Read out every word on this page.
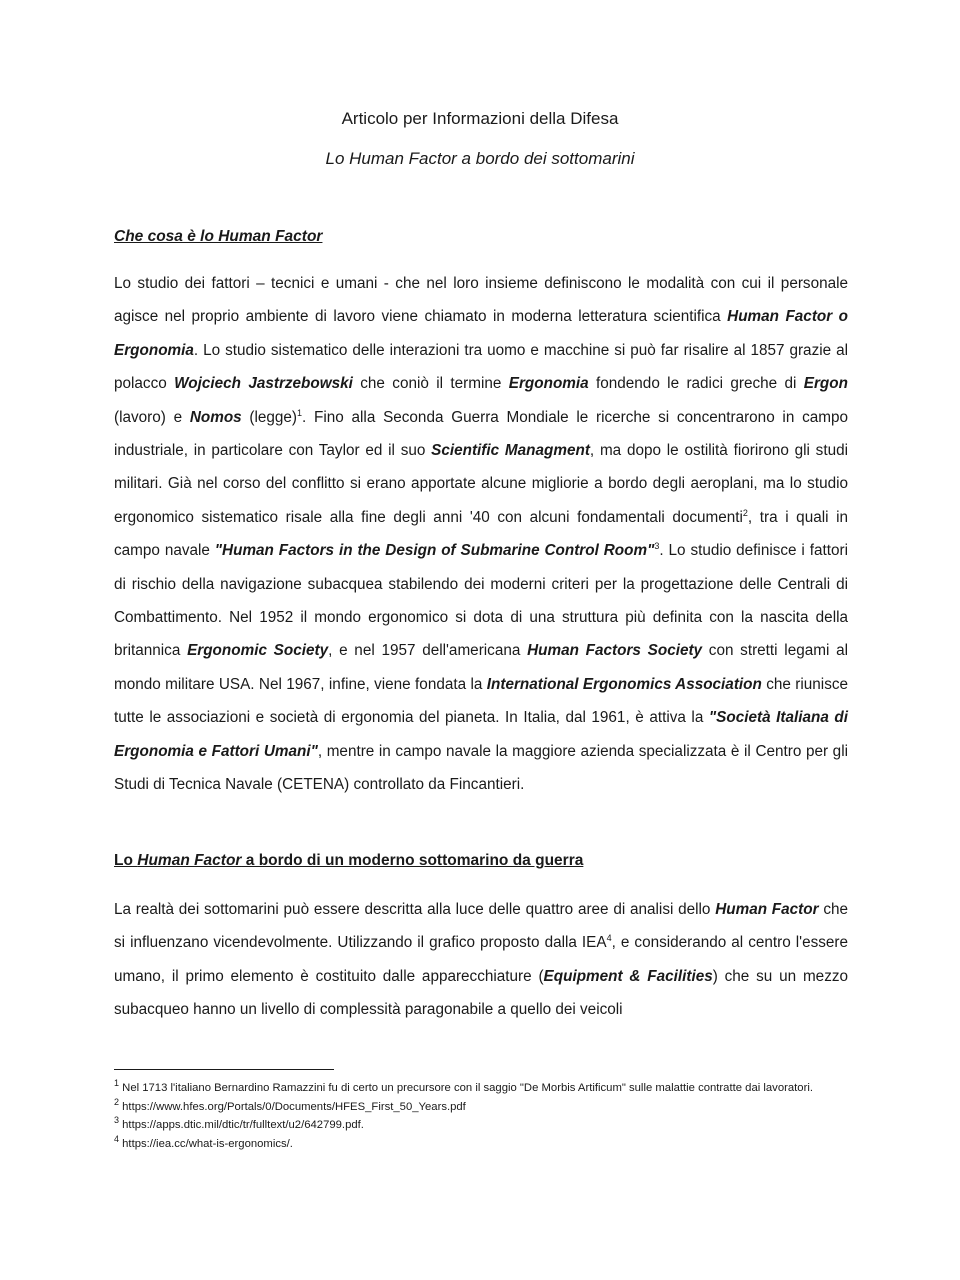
Articolo per Informazioni della Difesa
Lo Human Factor a bordo dei sottomarini
Che cosa è lo Human Factor
Lo studio dei fattori – tecnici e umani - che nel loro insieme definiscono le modalità con cui il personale agisce nel proprio ambiente di lavoro viene chiamato in moderna letteratura scientifica Human Factor o Ergonomia. Lo studio sistematico delle interazioni tra uomo e macchine si può far risalire al 1857 grazie al polacco Wojciech Jastrzebowski che coniò il termine Ergonomia fondendo le radici greche di Ergon (lavoro) e Nomos (legge)$^1$. Fino alla Seconda Guerra Mondiale le ricerche si concentrarono in campo industriale, in particolare con Taylor ed il suo Scientific Managment, ma dopo le ostilità fiorirono gli studi militari. Già nel corso del conflitto si erano apportate alcune migliorie a bordo degli aeroplani, ma lo studio ergonomico sistematico risale alla fine degli anni '40 con alcuni fondamentali documenti$^2$, tra i quali in campo navale "Human Factors in the Design of Submarine Control Room"$^3$. Lo studio definisce i fattori di rischio della navigazione subacquea stabilendo dei moderni criteri per la progettazione delle Centrali di Combattimento. Nel 1952 il mondo ergonomico si dota di una struttura più definita con la nascita della britannica Ergonomic Society, e nel 1957 dell'americana Human Factors Society con stretti legami al mondo militare USA. Nel 1967, infine, viene fondata la International Ergonomics Association che riunisce tutte le associazioni e società di ergonomia del pianeta. In Italia, dal 1961, è attiva la "Società Italiana di Ergonomia e Fattori Umani", mentre in campo navale la maggiore azienda specializzata è il Centro per gli Studi di Tecnica Navale (CETENA) controllato da Fincantieri.
Lo Human Factor a bordo di un moderno sottomarino da guerra
La realtà dei sottomarini può essere descritta alla luce delle quattro aree di analisi dello Human Factor che si influenzano vicendevolmente. Utilizzando il grafico proposto dalla IEA$^4$, e considerando al centro l'essere umano, il primo elemento è costituito dalle apparecchiature (Equipment & Facilities) che su un mezzo subacqueo hanno un livello di complessità paragonabile a quello dei veicoli

$^1$ Nel 1713 l'italiano Bernardino Ramazzini fu di certo un precursore con il saggio "De Morbis Artificum" sulle malattie contratte dai lavoratori.

$^2$ https://www.hfes.org/Portals/0/Documents/HFES_First_50_Years.pdf

$^3$ https://apps.dtic.mil/dtic/tr/fulltext/u2/642799.pdf.

$^4$ https://iea.cc/what-is-ergonomics/.
